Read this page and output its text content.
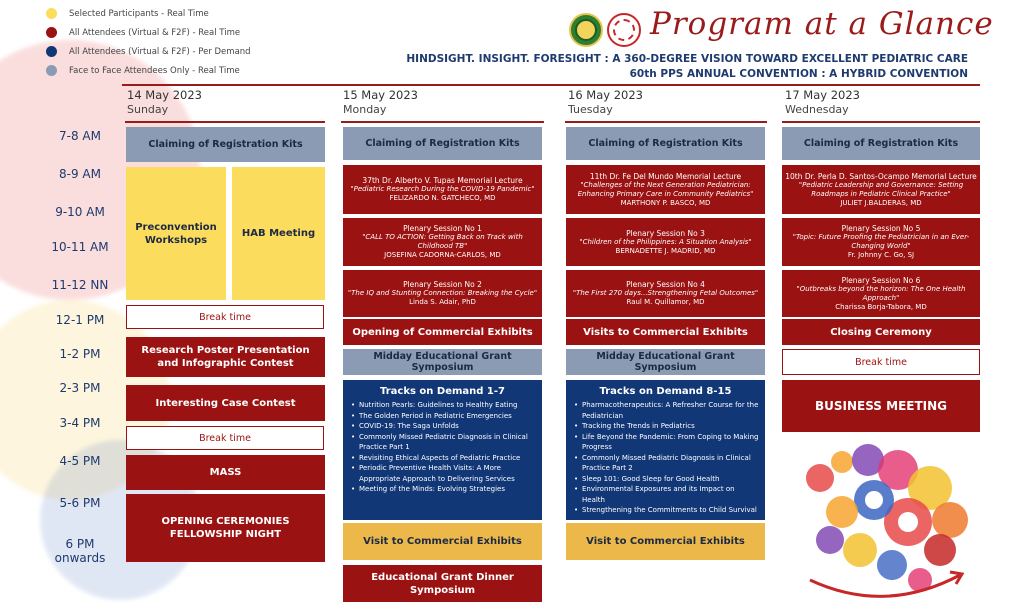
Selected Participants - Real Time
All Attendees (Virtual & F2F) - Real Time
All Attendees (Virtual & F2F) - Per Demand
Face to Face Attendees Only - Real Time
Program at a Glance
HINDSIGHT. INSIGHT. FORESIGHT : A 360-DEGREE VISION TOWARD EXCELLENT PEDIATRIC CARE
60th PPS ANNUAL CONVENTION : A HYBRID CONVENTION
14 May 2023
Sunday
15 May 2023
Monday
16 May 2023
Tuesday
17 May 2023
Wednesday
7-8 AM
8-9 AM
9-10 AM
10-11 AM
11-12 NN
12-1 PM
1-2 PM
2-3 PM
3-4 PM
4-5 PM
5-6 PM
6 PM onwards
Claiming of Registration Kits
Preconvention Workshops
HAB Meeting
Break time
Research Poster Presentation and Infographic Contest
Interesting Case Contest
Break time
MASS
OPENING CEREMONIES FELLOWSHIP NIGHT
Claiming of Registration Kits
37th Dr. Alberto V. Tupas Memorial Lecture
"Pediatric Research During the COVID-19 Pandemic"
FELIZARDO N. GATCHECO, MD
Plenary Session No 1
"CALL TO ACTION: Getting Back on Track with Childhood TB"
JOSEFINA CADORNA-CARLOS, MD
Plenary Session No 2
"The IQ and Stunting Connection: Breaking the Cycle"
Linda S. Adair, PhD
Opening of Commercial Exhibits
Midday Educational Grant Symposium
Tracks on Demand 1-7
• Nutrition Pearls: Guidelines to Healthy Eating
• The Golden Period in Pediatric Emergencies
• COVID-19: The Saga Unfolds
• Commonly Missed Pediatric Diagnosis in Clinical Practice Part 1
• Revisiting Ethical Aspects of Pediatric Practice
• Periodic Preventive Health Visits: A More Appropriate Approach to Delivering Services
• Meeting of the Minds: Evolving Strategies
Visit to Commercial Exhibits
Educational Grant Dinner Symposium
Claiming of Registration Kits
11th Dr. Fe Del Mundo Memorial Lecture
"Challenges of the Next Generation Pediatrician: Enhancing Primary Care in Community Pediatrics"
MARTHONY P. BASCO, MD
Plenary Session No 3
"Children of the Philippines: A Situation Analysis"
BERNADETTE J. MADRID, MD
Plenary Session No 4
"The First 270 days...Strengthening Fetal Outcomes"
Raul M. Quillamor, MD
Visits to Commercial Exhibits
Midday Educational Grant Symposium
Tracks on Demand 8-15
• Pharmacotherapeutics: A Refresher Course for the Pediatrician
• Tracking the Trends in Pediatrics
• Life Beyond the Pandemic: From Coping to Making Progress
• Commonly Missed Pediatric Diagnosis in Clinical Practice Part 2
• Sleep 101: Good Sleep for Good Health
• Environmental Exposures and its Impact on Health
• Strengthening the Commitments to Child Survival
Visit to Commercial Exhibits
Claiming of Registration Kits
10th Dr. Perla D. Santos-Ocampo Memorial Lecture
"Pediatric Leadership and Governance: Setting Roadmaps in Pediatric Clinical Practice"
JULIET J.BALDERAS, MD
Plenary Session No 5
"Topic: Future Proofing the Pediatrician in an Ever-Changing World"
Fr. Johnny C. Go, SJ
Plenary Session No 6
"Outbreaks beyond the horizon: The One Health Approach"
Charissa Borja-Tabora, MD
Closing Ceremony
Break time
BUSINESS MEETING
